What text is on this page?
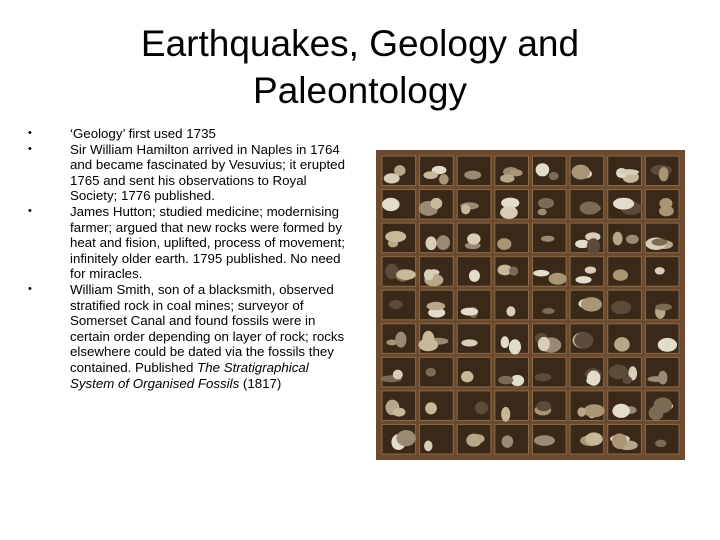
Earthquakes, Geology and
Paleontology
•	‘Geology’ first used 1735
•	Sir William Hamilton arrived in Naples in 1764 and became fascinated by Vesuvius; it erupted 1765 and sent his observations to Royal Society; 1776 published.
•	James Hutton; studied medicine; modernising farmer; argued that new rocks were formed by heat and fision, uplifted, process of movement; infinitely older earth. 1795 published. No need for miracles.
•	William Smith, son of a blacksmith, observed stratified rock in coal mines; surveyor of Somerset Canal and found fossils were in certain order depending on layer of rock; rocks elsewhere could be dated via the fossils they contained. Published The Stratigraphical System of Organised Fossils (1817)
